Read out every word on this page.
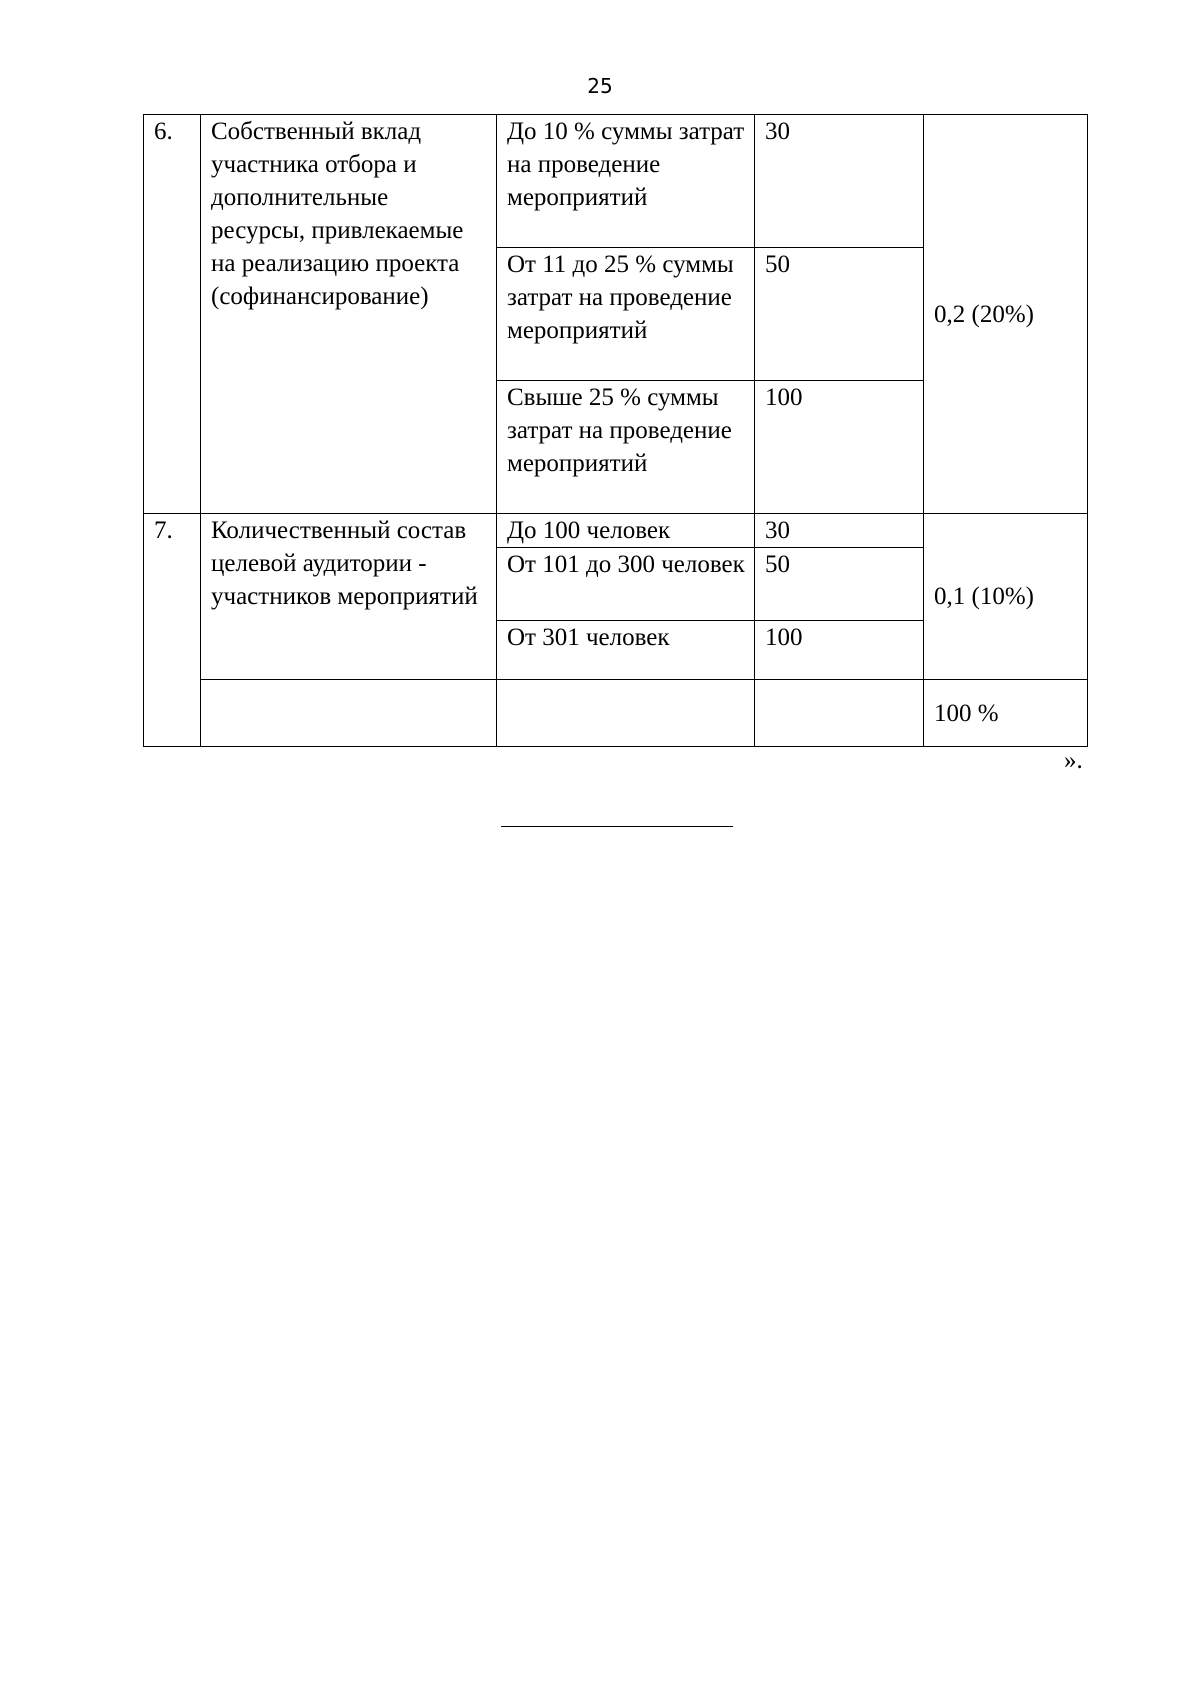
25
6.	Собственный вклад участника отбора и дополнительные ресурсы, привлекаемые на реализацию проекта (софинансирование)	До 10 % суммы затрат на проведение мероприятий	30	0,2 (20%)
		От 11 до 25 % суммы затрат на проведение мероприятий	50	
		Свыше 25 % суммы затрат на проведение мероприятий	100	
7.	Количественный состав целевой аудитории - участников мероприятий	До 100 человек	30	0,1 (10%)
		От 101 до 300 человек	50	
		От 301 человек	100	
				100 %
».
